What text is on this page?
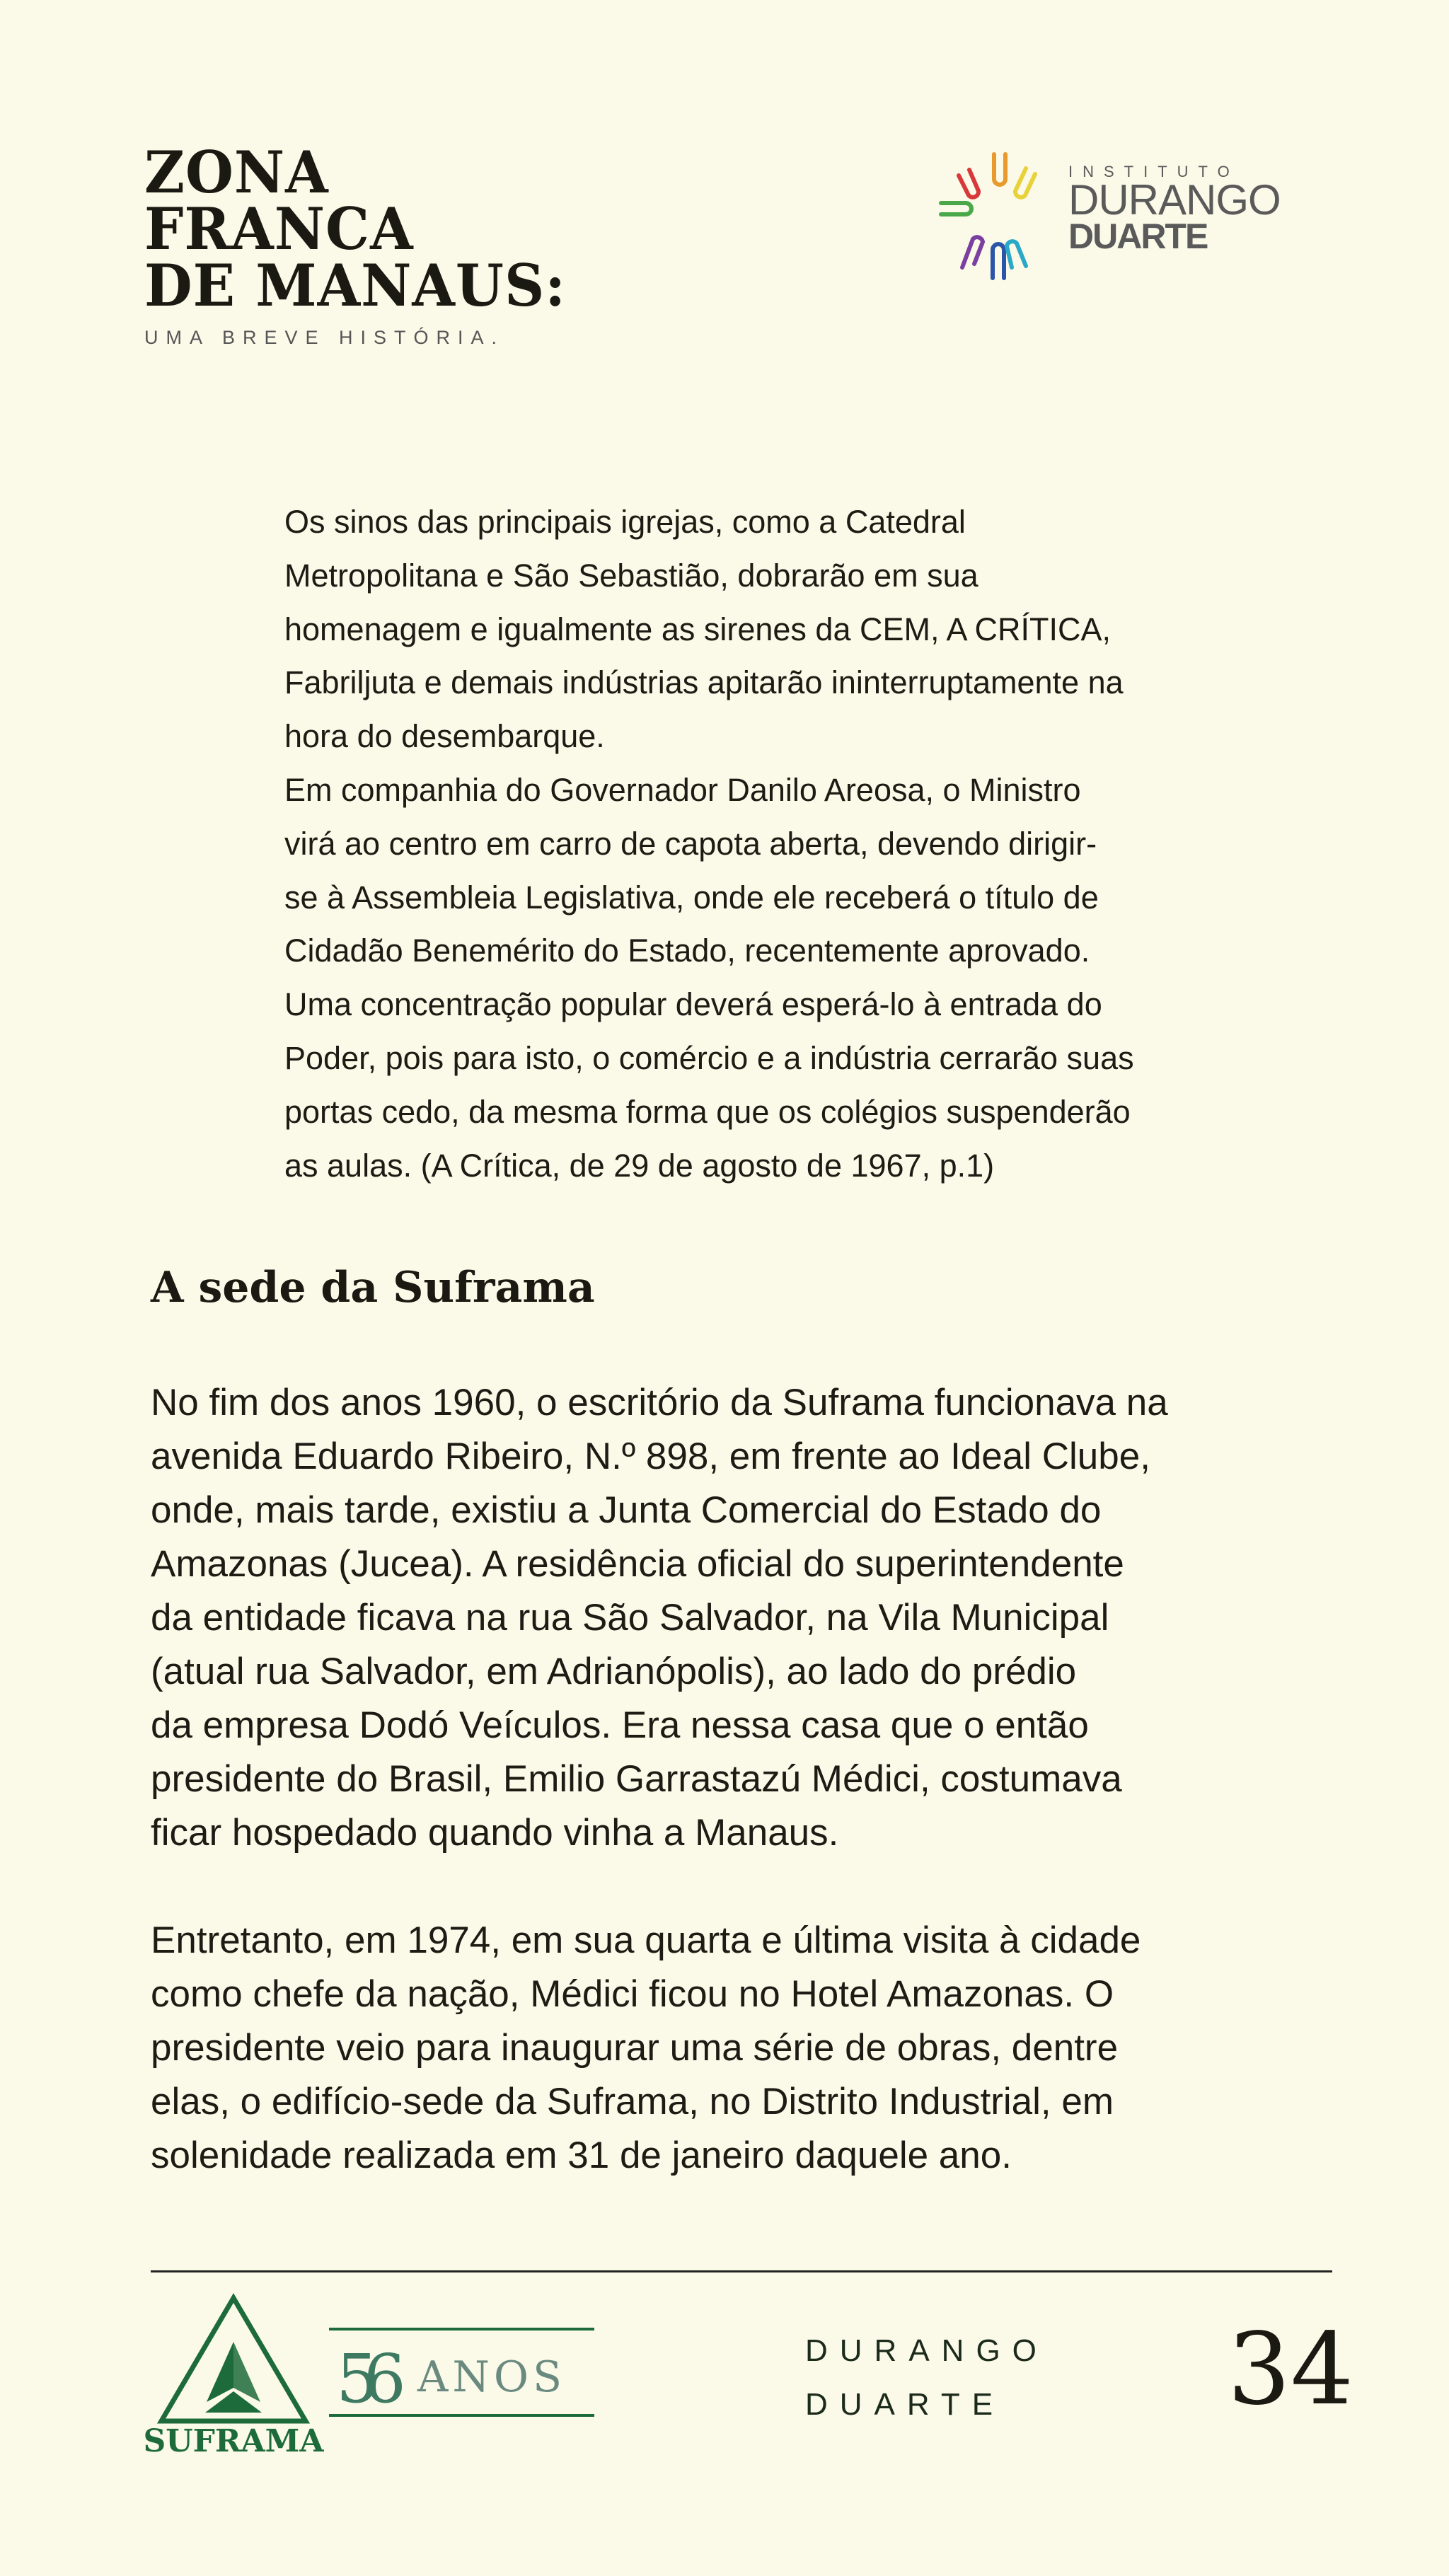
ZONA
FRANCA
DE MANAUS:
UMA BREVE HISTÓRIA.
INSTITUTO
DURANGO
DUARTE
Os sinos das principais igrejas, como a Catedral
Metropolitana e São Sebastião, dobrarão em sua
homenagem e igualmente as sirenes da CEM, A CRÍTICA,
Fabriljuta e demais indústrias apitarão ininterruptamente na
hora do desembarque.
Em companhia do Governador Danilo Areosa, o Ministro
virá ao centro em carro de capota aberta, devendo dirigir-
se à Assembleia Legislativa, onde ele receberá o título de
Cidadão Benemérito do Estado, recentemente aprovado.
Uma concentração popular deverá esperá-lo à entrada do
Poder, pois para isto, o comércio e a indústria cerrarão suas
portas cedo, da mesma forma que os colégios suspenderão
as aulas. (A Crítica, de 29 de agosto de 1967, p.1)
A sede da Suframa
No fim dos anos 1960, o escritório da Suframa funcionava na
avenida Eduardo Ribeiro, N.º 898, em frente ao Ideal Clube,
onde, mais tarde, existiu a Junta Comercial do Estado do
Amazonas (Jucea). A residência oficial do superintendente
da entidade ficava na rua São Salvador, na Vila Municipal
(atual rua Salvador, em Adrianópolis), ao lado do prédio
da empresa Dodó Veículos. Era nessa casa que o então
presidente do Brasil, Emilio Garrastazú Médici, costumava
ficar hospedado quando vinha a Manaus.
Entretanto, em 1974, em sua quarta e última visita à cidade
como chefe da nação, Médici ficou no Hotel Amazonas. O
presidente veio para inaugurar uma série de obras, dentre
elas, o edifício-sede da Suframa, no Distrito Industrial, em
solenidade realizada em 31 de janeiro daquele ano.
SUFRAMA
56 ANOS
DURANGO
DUARTE	34
